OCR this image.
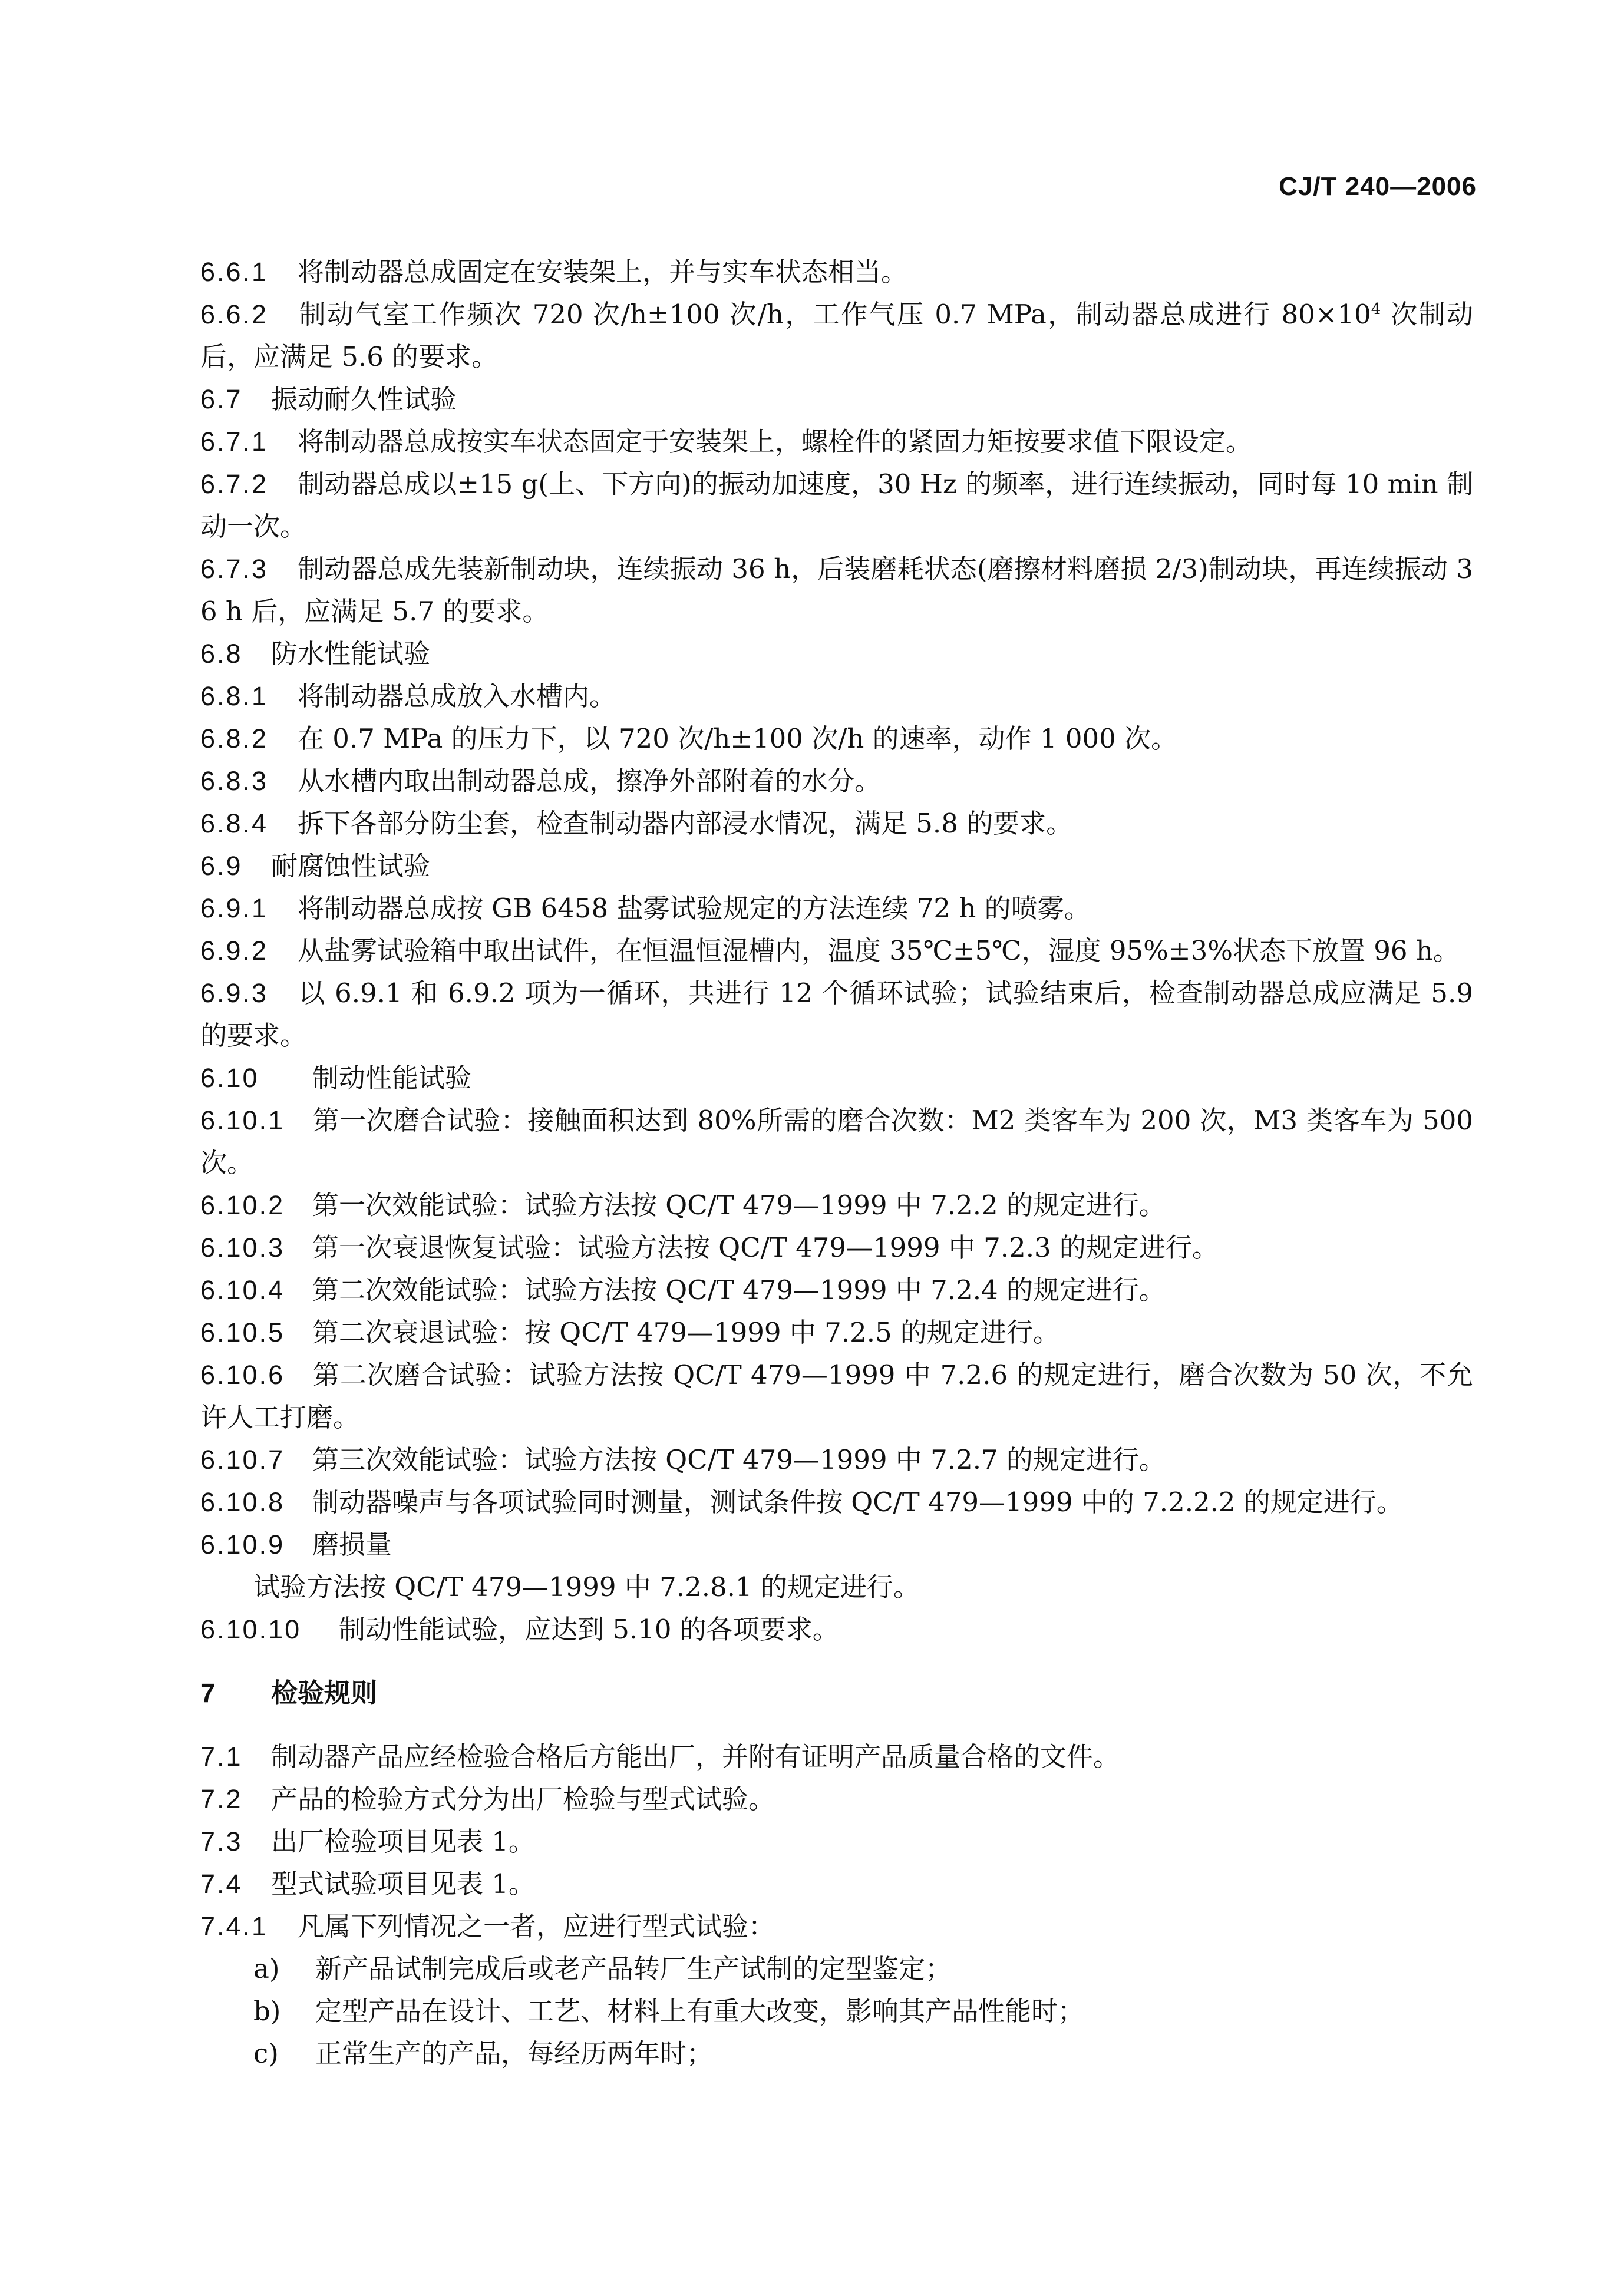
CJ/T 240—2006

6.6.1 将制动器总成固定在安装架上，并与实车状态相当。

6.6.2 制动气室工作频次 720 次/h±100 次/h，工作气压 0.7 MPa，制动器总成进行 $80\times 10^4$ 次制动后，应满足 5.6 的要求。

6.7 振动耐久性试验

6.7.1 将制动器总成按实车状态固定于安装架上，螺栓件的紧固力矩按要求值下限设定。

6.7.2 制动器总成以±15 g(上、下方向)的振动加速度，30 Hz 的频率，进行连续振动，同时每 10 min 制动一次。

6.7.3 制动器总成先装新制动块，连续振动 36 h，后装磨耗状态(磨擦材料磨损 2/3)制动块，再连续振动 36 h 后，应满足 5.7 的要求。

6.8 防水性能试验

6.8.1 将制动器总成放入水槽内。

6.8.2 在 0.7 MPa 的压力下，以 720 次/h±100 次/h 的速率，动作 1 000 次。

6.8.3 从水槽内取出制动器总成，擦净外部附着的水分。

6.8.4 拆下各部分防尘套，检查制动器内部浸水情况，满足 5.8 的要求。

6.9 耐腐蚀性试验

6.9.1 将制动器总成按 GB 6458 盐雾试验规定的方法连续 72 h 的喷雾。

6.9.2 从盐雾试验箱中取出试件，在恒温恒湿槽内，温度 35℃±5℃，湿度 95%±3%状态下放置 96 h。

6.9.3 以 6.9.1 和 6.9.2 项为一循环，共进行 12 个循环试验；试验结束后，检查制动器总成应满足 5.9 的要求。

6.10 制动性能试验

6.10.1 第一次磨合试验：接触面积达到 80%所需的磨合次数：M2 类客车为 200 次，M3 类客车为 500 次。

6.10.2 第一次效能试验：试验方法按 QC/T 479—1999 中 7.2.2 的规定进行。

6.10.3 第一次衰退恢复试验：试验方法按 QC/T 479—1999 中 7.2.3 的规定进行。

6.10.4 第二次效能试验：试验方法按 QC/T 479—1999 中 7.2.4 的规定进行。

6.10.5 第二次衰退试验：按 QC/T 479—1999 中 7.2.5 的规定进行。

6.10.6 第二次磨合试验：试验方法按 QC/T 479—1999 中 7.2.6 的规定进行，磨合次数为 50 次，不允许人工打磨。

6.10.7 第三次效能试验：试验方法按 QC/T 479—1999 中 7.2.7 的规定进行。

6.10.8 制动器噪声与各项试验同时测量，测试条件按 QC/T 479—1999 中的 7.2.2.2 的规定进行。

6.10.9 磨损量

试验方法按 QC/T 479—1999 中 7.2.8.1 的规定进行。

6.10.10 制动性能试验，应达到 5.10 的各项要求。

7 检验规则

7.1 制动器产品应经检验合格后方能出厂，并附有证明产品质量合格的文件。

7.2 产品的检验方式分为出厂检验与型式试验。

7.3 出厂检验项目见表 1。

7.4 型式试验项目见表 1。

7.4.1 凡属下列情况之一者，应进行型式试验：

a) 新产品试制完成后或老产品转厂生产试制的定型鉴定；

b) 定型产品在设计、工艺、材料上有重大改变，影响其产品性能时；

c) 正常生产的产品，每经历两年时；
